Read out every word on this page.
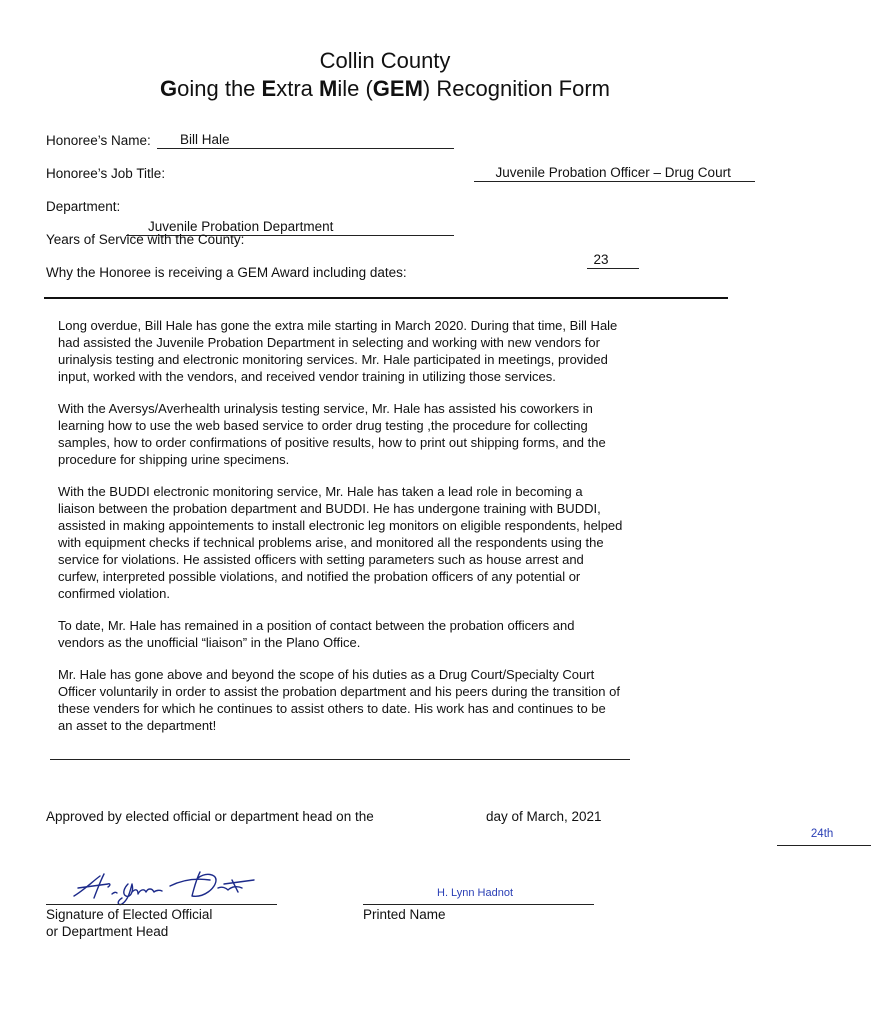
Collin County
Going the Extra Mile (GEM) Recognition Form
Honoree’s Name: Bill Hale

Honoree’s Job Title:	Juvenile Probation Officer – Drug Court

Department:
Juvenile Probation Department

Years of Service with the County:
23

Why the Honoree is receiving a GEM Award including dates:

Long overdue, Bill Hale has gone the extra mile starting in March 2020. During that time, Bill Hale had assisted the Juvenile Probation Department in selecting and working with new vendors for urinalysis testing and electronic monitoring services. Mr. Hale participated in meetings, provided input, worked with the vendors, and received vendor training in utilizing those services.

With the Aversys/Averhealth urinalysis testing service, Mr. Hale has assisted his coworkers in learning how to use the web based service to order drug testing ,the procedure for collecting samples, how to order confirmations of positive results, how to print out shipping forms, and the procedure for shipping urine specimens.

With the BUDDI electronic monitoring service, Mr. Hale has taken a lead role in becoming a liaison between the probation department and BUDDI. He has undergone training with BUDDI, assisted in making appointements to install electronic leg monitors on eligible respondents, helped with equipment checks if technical problems arise, and monitored all the respondents using the service for violations. He assisted officers with setting parameters such as house arrest and curfew, interpreted possible violations, and notified the probation officers of any potential or confirmed violation.

To date, Mr. Hale has remained in a position of contact between the probation officers and vendors as the unofficial “liaison” in the Plano Office.

Mr. Hale has gone above and beyond the scope of his duties as a Drug Court/Specialty Court Officer voluntarily in order to assist the probation department and his peers during the transition of these venders for which he continues to assist others to date. His work has and continues to be an asset to the department!

Approved by elected official or department head on the
24th
day of March, 2021
Signature of Elected Official
or Department Head
H. Lynn Hadnot
Printed Name
